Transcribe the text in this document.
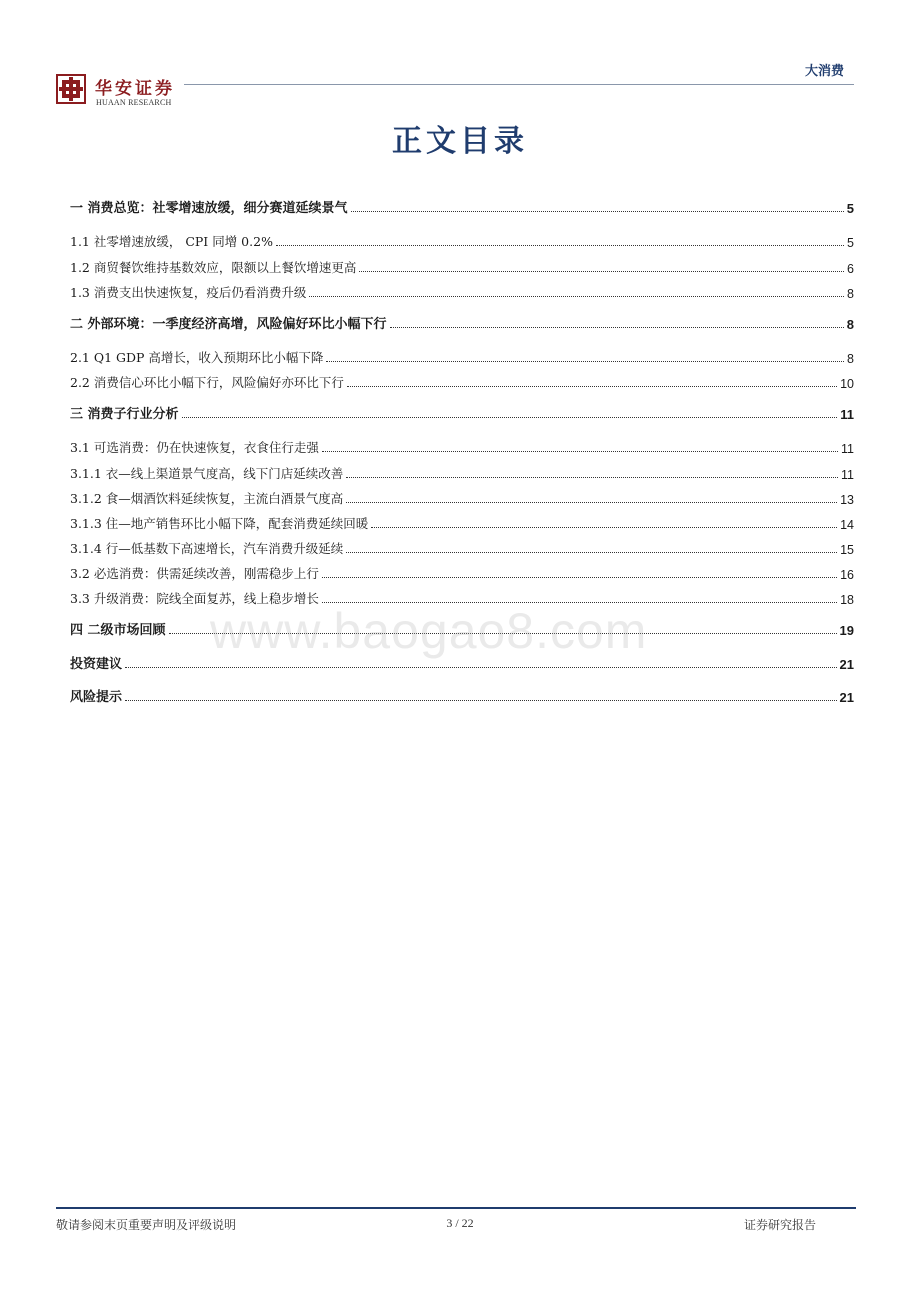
华安证券
HUAAN RESEARCH
大消费
正文目录
一 消费总览：社零增速放缓，细分赛道延续景气	5
1.1 社零增速放缓， CPI 同增 0.2%	5
1.2 商贸餐饮维持基数效应，限额以上餐饮增速更高	6
1.3 消费支出快速恢复，疫后仍看消费升级	8
二 外部环境：一季度经济高增，风险偏好环比小幅下行	8
2.1 Q1 GDP 高增长，收入预期环比小幅下降	8
2.2 消费信心环比小幅下行，风险偏好亦环比下行	10
三 消费子行业分析	11
3.1 可选消费：仍在快速恢复，衣食住行走强	11
3.1.1 衣—线上渠道景气度高，线下门店延续改善	11
3.1.2 食—烟酒饮料延续恢复，主流白酒景气度高	13
3.1.3 住—地产销售环比小幅下降，配套消费延续回暖	14
3.1.4 行—低基数下高速增长，汽车消费升级延续	15
3.2 必选消费：供需延续改善，刚需稳步上行	16
3.3 升级消费：院线全面复苏，线上稳步增长	18
四 二级市场回顾	19
投资建议	21
风险提示	21
www.baogao8.com
敬请参阅末页重要声明及评级说明	3 / 22	证券研究报告
